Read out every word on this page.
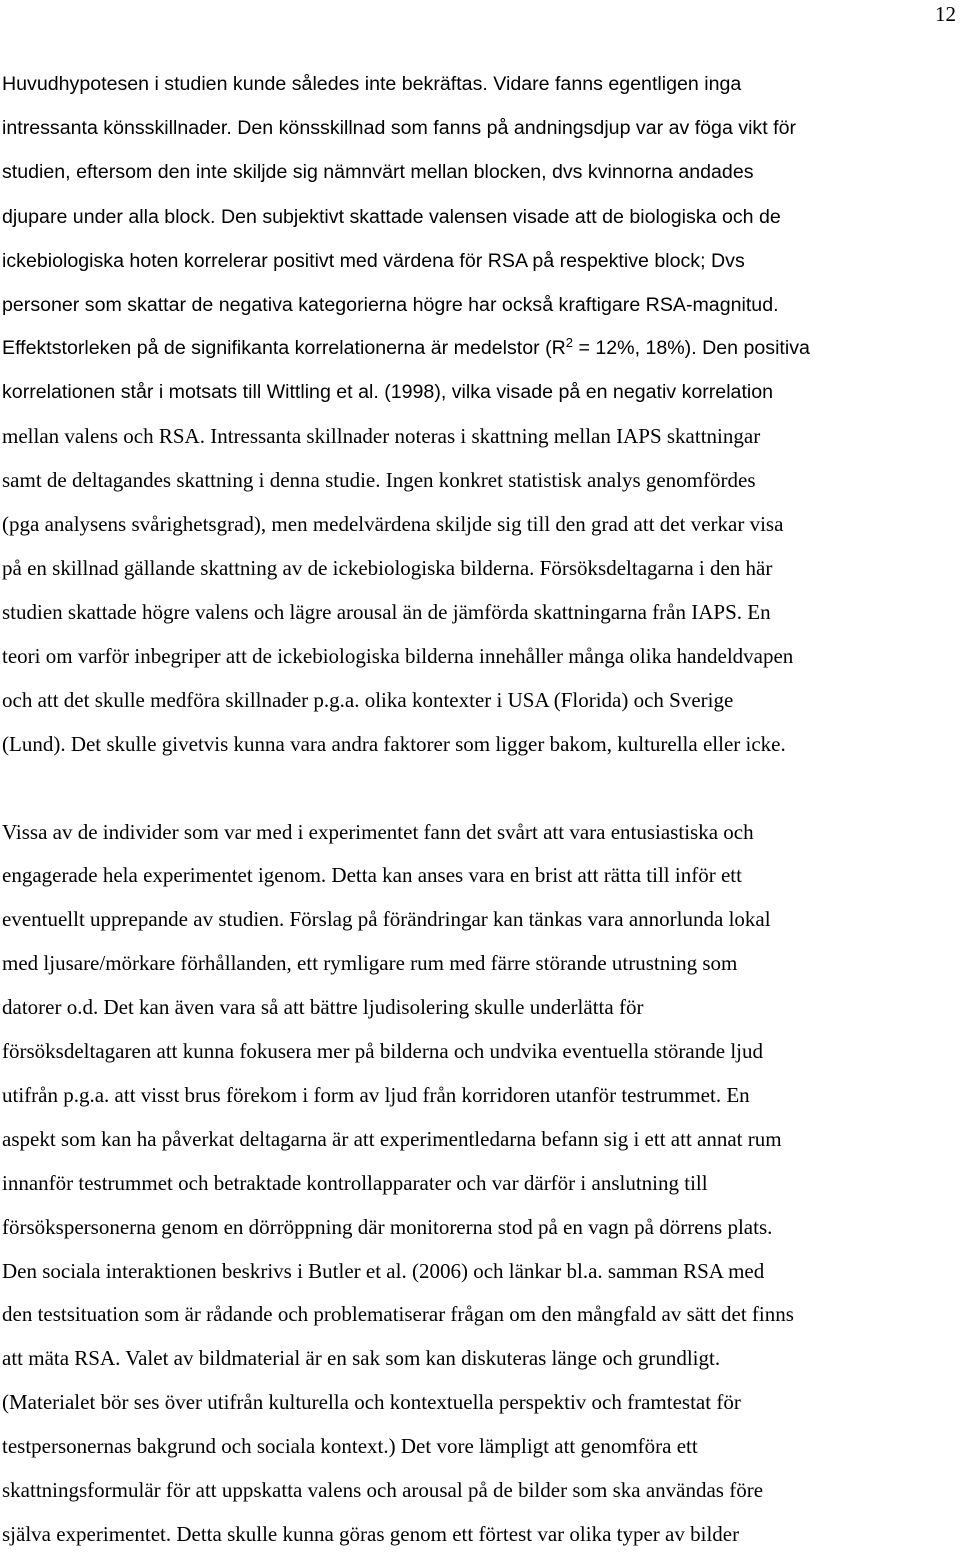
12

Huvudhypotesen i studien kunde således inte bekräftas. Vidare fanns egentligen inga
intressanta könsskillnader. Den könsskillnad som fanns på andningsdjup var av föga vikt för
studien, eftersom den inte skiljde sig nämnvärt mellan blocken, dvs kvinnorna andades
djupare under alla block. Den subjektivt skattade valensen visade att de biologiska och de
ickebiologiska hoten korrelerar positivt med värdena för RSA på respektive block; Dvs
personer som skattar de negativa kategorierna högre har också kraftigare RSA-magnitud.
Effektstorleken på de signifikanta korrelationerna är medelstor ($R^2 = 12\%$, 18%). Den positiva
korrelationen står i motsats till Wittling et al. (1998), vilka visade på en negativ korrelation
mellan valens och RSA. Intressanta skillnader noteras i skattning mellan IAPS skattningar
samt de deltagandes skattning i denna studie. Ingen konkret statistisk analys genomfördes
(pga analysens svårighetsgrad), men medelvärdena skiljde sig till den grad att det verkar visa
på en skillnad gällande skattning av de ickebiologiska bilderna. Försöksdeltagarna i den här
studien skattade högre valens och lägre arousal än de jämförda skattningarna från IAPS. En
teori om varför inbegriper att de ickebiologiska bilderna innehåller många olika handeldvapen
och att det skulle medföra skillnader p.g.a. olika kontexter i USA (Florida) och Sverige
(Lund). Det skulle givetvis kunna vara andra faktorer som ligger bakom, kulturella eller icke.

Vissa av de individer som var med i experimentet fann det svårt att vara entusiastiska och
engagerade hela experimentet igenom. Detta kan anses vara en brist att rätta till inför ett
eventuellt upprepande av studien. Förslag på förändringar kan tänkas vara annorlunda lokal
med ljusare/mörkare förhållanden, ett rymligare rum med färre störande utrustning som
datorer o.d. Det kan även vara så att bättre ljudisolering skulle underlätta för
försöksdeltagaren att kunna fokusera mer på bilderna och undvika eventuella störande ljud
utifrån p.g.a. att visst brus förekom i form av ljud från korridoren utanför testrummet. En
aspekt som kan ha påverkat deltagarna är att experimentledarna befann sig i ett att annat rum
innanför testrummet och betraktade kontrollapparater och var därför i anslutning till
försökspersonerna genom en dörröppning där monitorerna stod på en vagn på dörrens plats.
Den sociala interaktionen beskrivs i Butler et al. (2006) och länkar bl.a. samman RSA med
den testsituation som är rådande och problematiserar frågan om den mångfald av sätt det finns
att mäta RSA. Valet av bildmaterial är en sak som kan diskuteras länge och grundligt.
(Materialet bör ses över utifrån kulturella och kontextuella perspektiv och framtestat för
testpersonernas bakgrund och sociala kontext.) Det vore lämpligt att genomföra ett
skattningsformulär för att uppskatta valens och arousal på de bilder som ska användas före
själva experimentet. Detta skulle kunna göras genom ett förtest var olika typer av bilder
